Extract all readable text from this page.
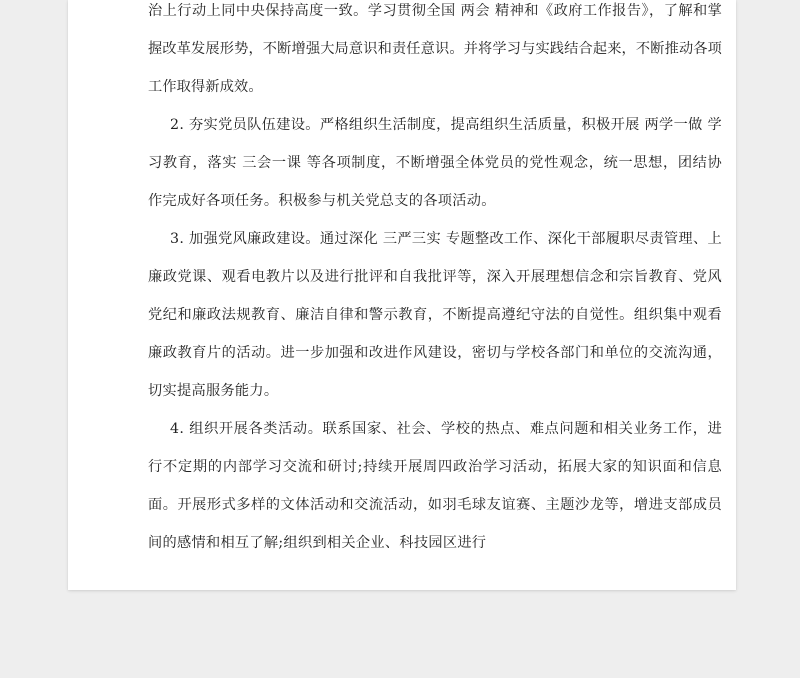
治上行动上同中央保持高度一致。学习贯彻全国 两会 精神和《政府工作报告》，了解和掌握改革发展形势，不断增强大局意识和责任意识。并将学习与实践结合起来，不断推动各项工作取得新成效。

2. 夯实党员队伍建设。严格组织生活制度，提高组织生活质量，积极开展 两学一做 学习教育，落实 三会一课 等各项制度，不断增强全体党员的党性观念，统一思想，团结协作完成好各项任务。积极参与机关党总支的各项活动。

3. 加强党风廉政建设。通过深化 三严三实 专题整改工作、深化干部履职尽责管理、上廉政党课、观看电教片以及进行批评和自我批评等，深入开展理想信念和宗旨教育、党风党纪和廉政法规教育、廉洁自律和警示教育，不断提高遵纪守法的自觉性。组织集中观看廉政教育片的活动。进一步加强和改进作风建设，密切与学校各部门和单位的交流沟通，切实提高服务能力。

4. 组织开展各类活动。联系国家、社会、学校的热点、难点问题和相关业务工作，进行不定期的内部学习交流和研讨;持续开展周四政治学习活动，拓展大家的知识面和信息面。开展形式多样的文体活动和交流活动，如羽毛球友谊赛、主题沙龙等，增进支部成员间的感情和相互了解;组织到相关企业、科技园区进行
